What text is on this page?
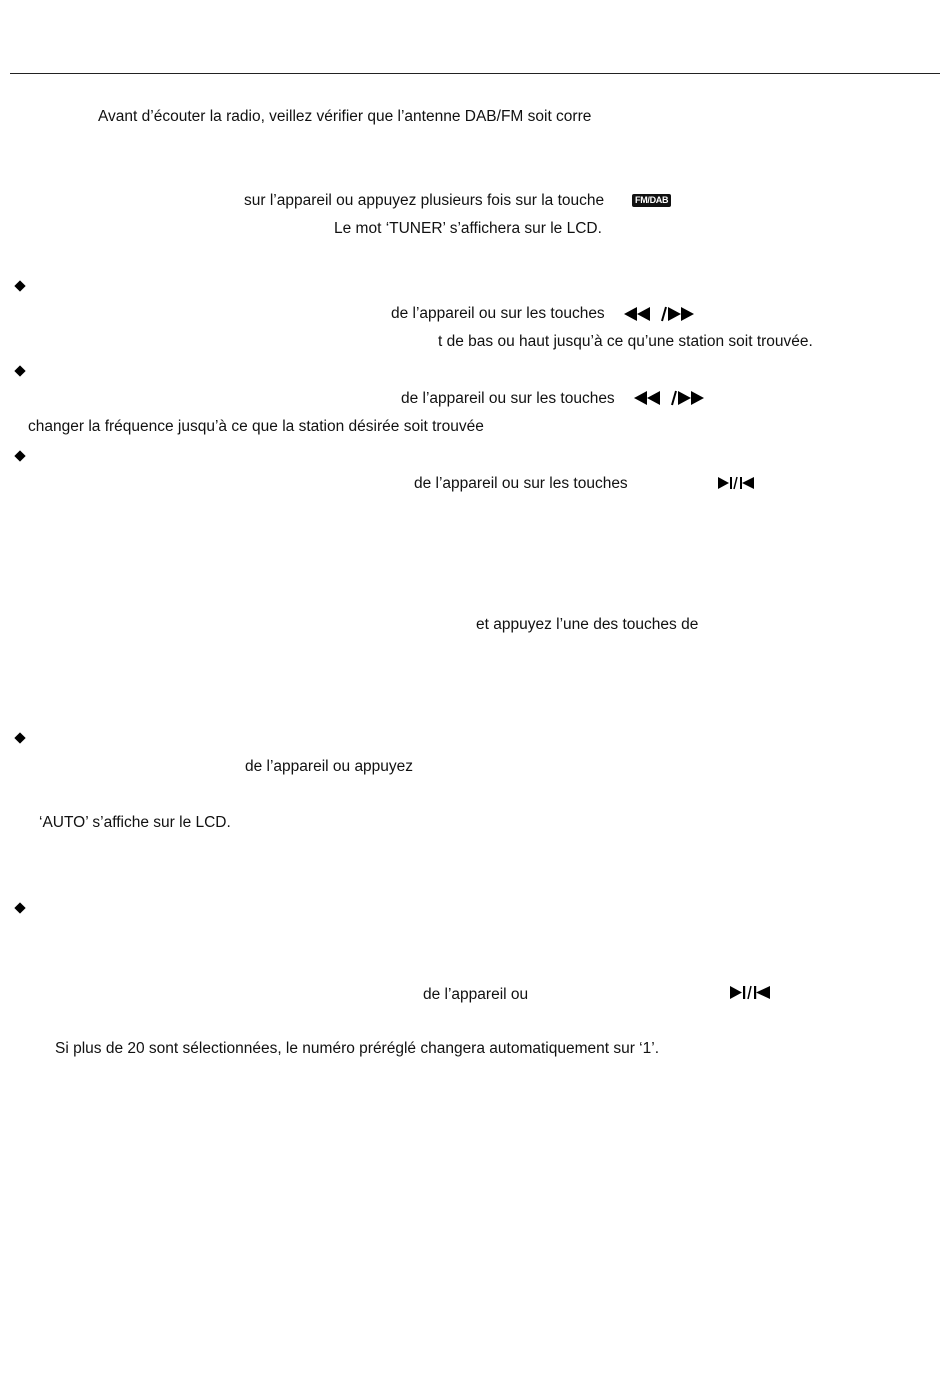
Avant d’écouter la radio, veillez vérifier que l’antenne DAB/FM soit corre
sur l’appareil ou appuyez plusieurs fois sur la touche	FM/DAB
Le mot ‘TUNER’ s’affichera sur le LCD.
de l’appareil ou sur les touches
t de bas ou haut jusqu’à ce qu’une station soit trouvée.
de l’appareil ou sur les touches
changer la fréquence jusqu’à ce que la station désirée soit trouvée
de l’appareil ou sur les touches
et appuyez l’une des touches de
de l’appareil ou appuyez
‘AUTO’ s’affiche sur le LCD.
de l’appareil ou
Si plus de 20 sont sélectionnées, le numéro préréglé changera automatiquement sur ‘1’.
